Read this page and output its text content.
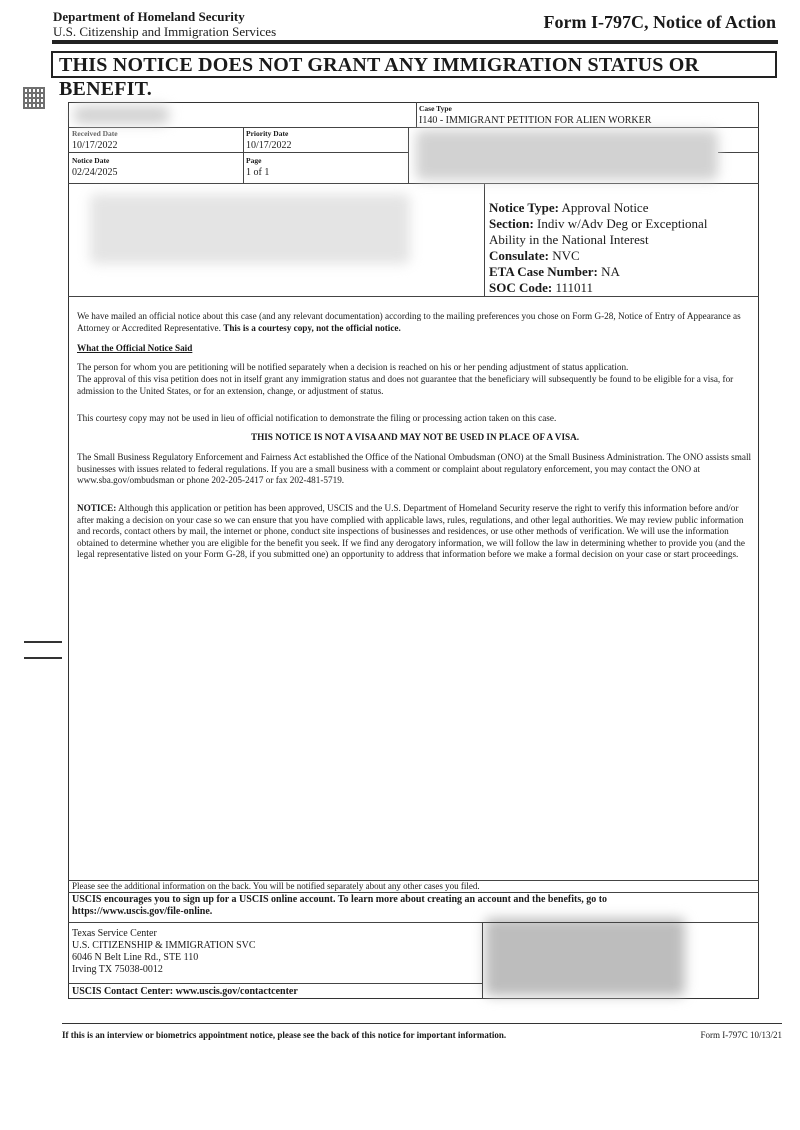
Department of Homeland Security
U.S. Citizenship and Immigration Services	Form I-797C, Notice of Action
THIS NOTICE DOES NOT GRANT ANY IMMIGRATION STATUS OR BENEFIT.
Case Type
I140 - IMMIGRANT PETITION FOR ALIEN WORKER
Received Date
10/17/2022
Priority Date
10/17/2022
Notice Date
02/24/2025
Page
1 of 1
Notice Type: Approval Notice
Section: Indiv w/Adv Deg or Exceptional
Ability in the National Interest
Consulate: NVC
ETA Case Number: NA
SOC Code: 111011
We have mailed an official notice about this case (and any relevant documentation) according to the mailing preferences you chose on Form G-28, Notice of Entry of Appearance as Attorney or Accredited Representative. This is a courtesy copy, not the official notice.
What the Official Notice Said
The person for whom you are petitioning will be notified separately when a decision is reached on his or her pending adjustment of status application.
The approval of this visa petition does not in itself grant any immigration status and does not guarantee that the beneficiary will subsequently be found to be eligible for a visa, for admission to the United States, or for an extension, change, or adjustment of status.
This courtesy copy may not be used in lieu of official notification to demonstrate the filing or processing action taken on this case.
THIS NOTICE IS NOT A VISA AND MAY NOT BE USED IN PLACE OF A VISA.
The Small Business Regulatory Enforcement and Fairness Act established the Office of the National Ombudsman (ONO) at the Small Business Administration. The ONO assists small businesses with issues related to federal regulations. If you are a small business with a comment or complaint about regulatory enforcement, you may contact the ONO at www.sba.gov/ombudsman or phone 202-205-2417 or fax 202-481-5719.
NOTICE: Although this application or petition has been approved, USCIS and the U.S. Department of Homeland Security reserve the right to verify this information before and/or after making a decision on your case so we can ensure that you have complied with applicable laws, rules, regulations, and other legal authorities. We may review public information and records, contact others by mail, the internet or phone, conduct site inspections of businesses and residences, or use other methods of verification. We will use the information obtained to determine whether you are eligible for the benefit you seek. If we find any derogatory information, we will follow the law in determining whether to provide you (and the legal representative listed on your Form G-28, if you submitted one) an opportunity to address that information before we make a formal decision on your case or start proceedings.
Please see the additional information on the back. You will be notified separately about any other cases you filed.
USCIS encourages you to sign up for a USCIS online account. To learn more about creating an account and the benefits, go to https://www.uscis.gov/file-online.
Texas Service Center
U.S. CITIZENSHIP & IMMIGRATION SVC
6046 N Belt Line Rd., STE 110
Irving TX 75038-0012
USCIS Contact Center: www.uscis.gov/contactcenter
If this is an interview or biometrics appointment notice, please see the back of this notice for important information.	Form I-797C 10/13/21
